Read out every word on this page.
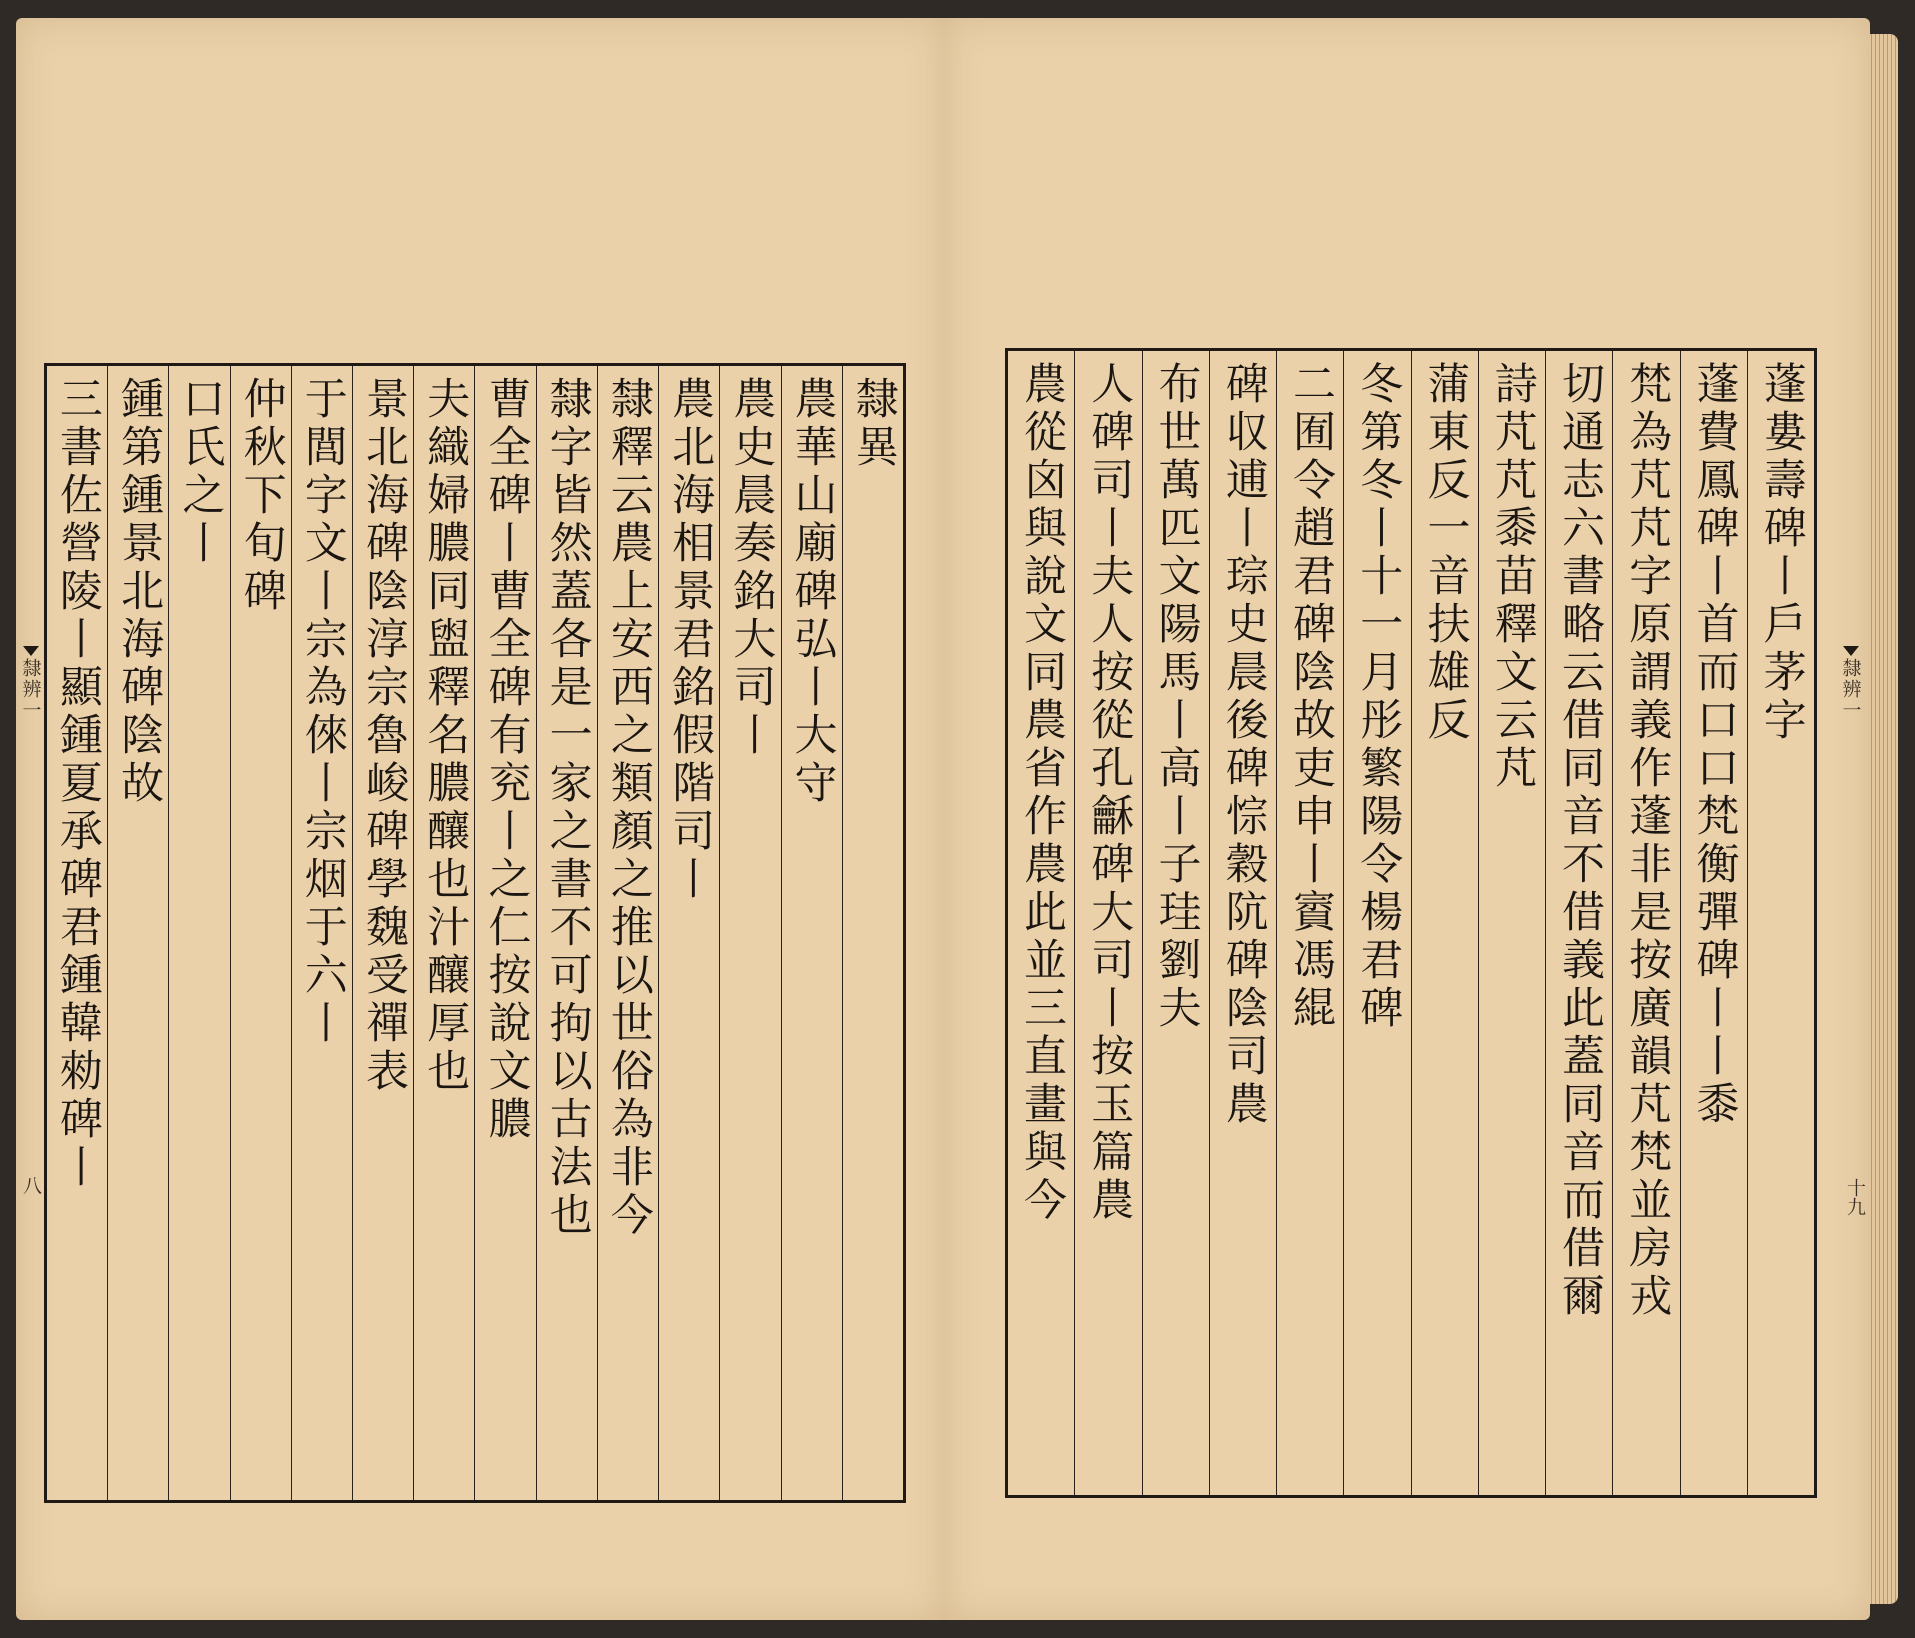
隸辨一
八
隸異
農華山廟碑弘丨大守
農史晨奏銘大司丨
農北海相景君銘假階司丨
隸釋云農上安西之類顏之推以世俗為非今
隸字皆然蓋各是一家之書不可拘以古法也
曹全碑丨曹全碑有兖丨之仁按說文膿
夫織婦膿同盥釋名膿釀也汁釀厚也
景北海碑陰淳宗魯峻碑學魏受禪表
于閭字文丨宗為倈丨宗烟于六丨
仲秋下旬碑
口氏之丨
鍾第鍾景北海碑陰故
三書佐營陵丨顯鍾夏承碑君鍾韓勑碑丨	隸辨一
十九
蓬婁壽碑丨戶茅字
蓬費鳳碑丨首而口口梵衡彈碑丨丨黍
梵為芃芃字原謂義作蓬非是按廣韻芃梵並房戎
切通志六書略云借同音不借義此蓋同音而借爾
詩芃芃黍苗釋文云芃
蒲東反一音扶雄反
冬第冬丨十一月彤繁陽令楊君碑
二囿令趙君碑陰故吏申丨賨馮緄
碑収逋丨琮史晨後碑悰穀阬碑陰司農
布世萬匹文陽馬丨高丨子珪劉夫
人碑司丨夫人按從孔龢碑大司丨按玉篇農
農從囟與說文同農省作農此並三直畫與今
